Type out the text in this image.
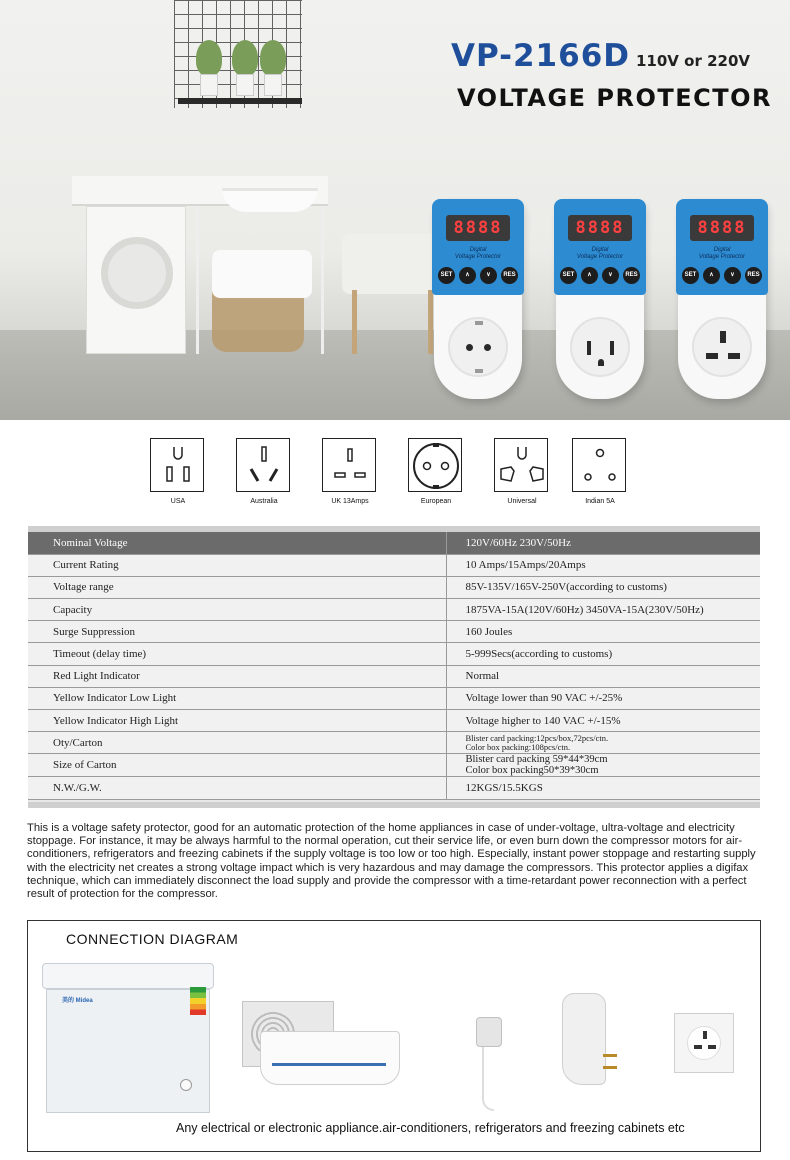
VP-2166D 110V or 220V
VOLTAGE PROTECTOR
8888
Digital
Voltage Protector
SET	∧	∨	RES
8888
Digital
Voltage Protector
SET	∧	∨	RES
8888
Digital
Voltage Protector
SET	∧	∨	RES
USA	Australia	UK 13Amps	European	Universal	Indian 5A
Nominal Voltage	120V/60Hz 230V/50Hz
Current Rating	10 Amps/15Amps/20Amps
Voltage range	85V-135V/165V-250V(according to customs)
Capacity	1875VA-15A(120V/60Hz) 3450VA-15A(230V/50Hz)
Surge Suppression	160 Joules
Timeout (delay time)	5-999Secs(according to customs)
Red Light Indicator	Normal
Yellow Indicator Low Light	Voltage lower than 90 VAC +/-25%
Yellow Indicator High Light	Voltage higher to 140 VAC +/-15%
Oty/Carton	Blister card packing:12pcs/box,72pcs/ctn.
Color box packing:108pcs/ctn.

Size of Carton	Blister card packing 59*44*39cm
Color box packing50*39*30cm

N.W./G.W.	12KGS/15.5KGS

This is a voltage safety protector, good for an automatic protection of the home appliances in case of under-voltage, ultra-voltage and electricity stoppage. For instance, it may be always harmful to the normal operation, cut their service life, or even burn down the compressor motors for air-conditioners, refrigerators and freezing cabinets if the supply voltage is too low or too high. Especially, instant power stoppage and restarting supply with the electricity net creates a strong voltage impact which is very hazardous and may damage the compressors. This protector applies a digifax technique, which can immediately disconnect the load supply and provide the compressor with a time-retardant power reconnection with a perfect result of protection for the compressor.

CONNECTION DIAGRAM
美的 Midea
Any electrical or electronic appliance.air-conditioners, refrigerators and freezing cabinets etc
